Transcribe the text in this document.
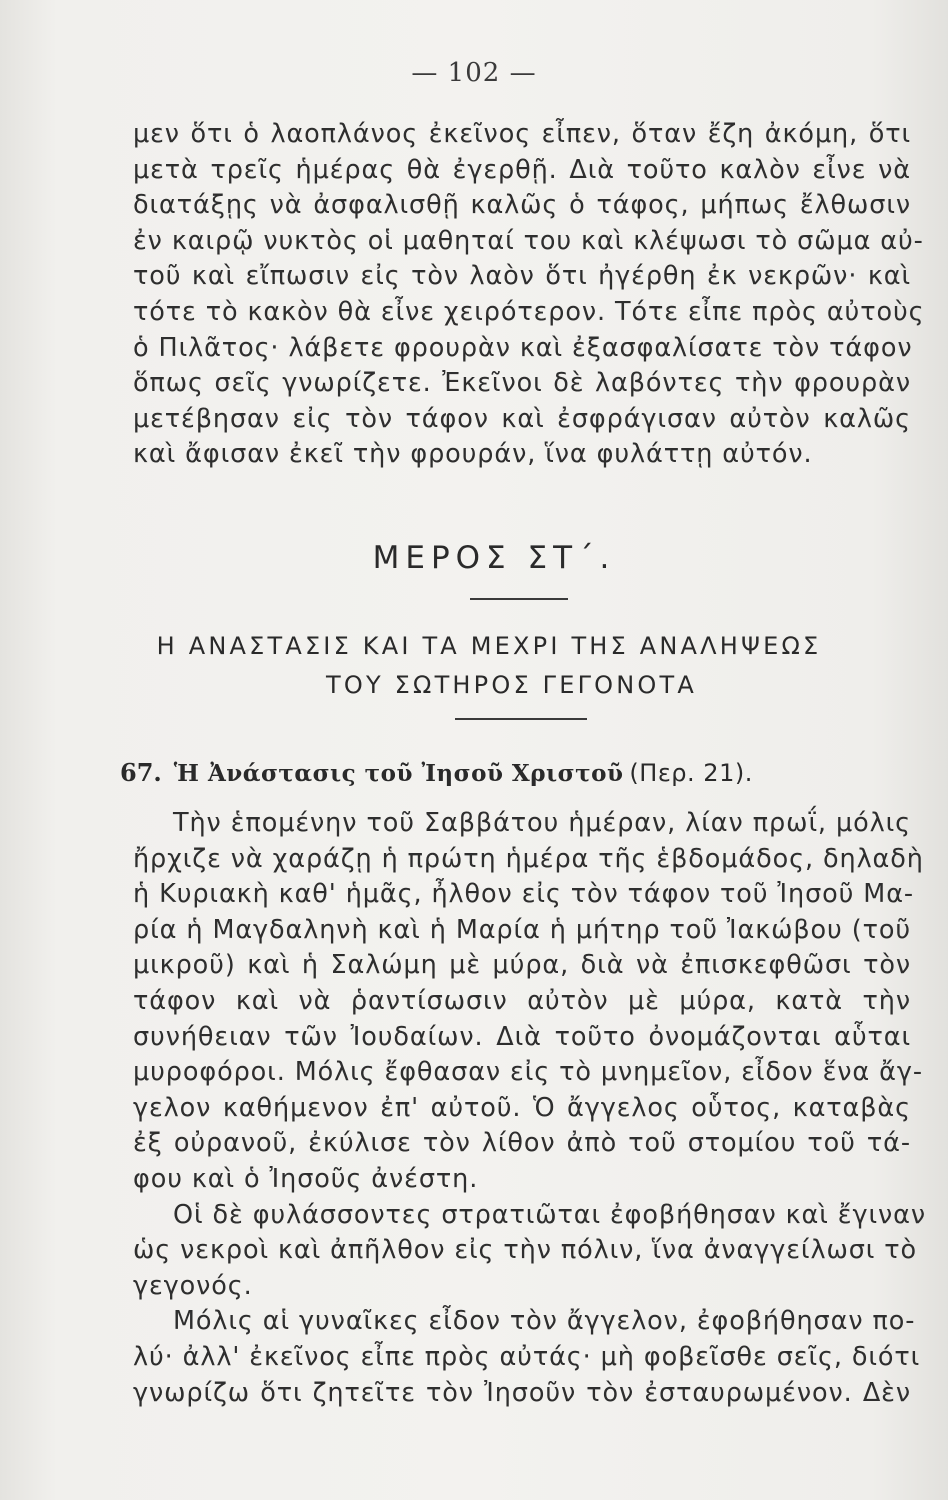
— 102 —
μεν ὅτι ὁ λαοπλάνος ἐκεῖνος εἶπεν, ὅταν ἔζη ἀκόμη, ὅτι
μετὰ τρεῖς ἡμέρας θὰ ἐγερθῇ. Διὰ τοῦτο καλὸν εἶνε νὰ
διατάξῃς νὰ ἀσφαλισθῇ καλῶς ὁ τάφος, μήπως ἔλθωσιν
ἐν καιρῷ νυκτὸς οἱ μαθηταί του καὶ κλέψωσι τὸ σῶμα αὐ-
τοῦ καὶ εἴπωσιν εἰς τὸν λαὸν ὅτι ἠγέρθη ἐκ νεκρῶν· καὶ
τότε τὸ κακὸν θὰ εἶνε χειρότερον. Τότε εἶπε πρὸς αὐτοὺς
ὁ Πιλᾶτος· λάβετε φρουρὰν καὶ ἐξασφαλίσατε τὸν τάφον
ὅπως σεῖς γνωρίζετε. Ἐκεῖνοι δὲ λαβόντες τὴν φρουρὰν
μετέβησαν εἰς τὸν τάφον καὶ ἐσφράγισαν αὐτὸν καλῶς
καὶ ἄφισαν ἐκεῖ τὴν φρουράν, ἵνα φυλάττῃ αὐτόν.
ΜΕΡΟΣ ΣΤ΄.
Η ΑΝΑΣΤΑΣΙΣ ΚΑΙ ΤΑ ΜΕΧΡΙ ΤΗΣ ΑΝΑΛΗΨΕΩΣ
ΤΟΥ ΣΩΤΗΡΟΣ ΓΕΓΟΝΟΤΑ
67. Ἡ Ἀνάστασις τοῦ Ἰησοῦ Χριστοῦ (Περ. 21).
Τὴν ἑπομένην τοῦ Σαββάτου ἡμέραν, λίαν πρωΐ, μόλις
ἤρχιζε νὰ χαράζῃ ἡ πρώτη ἡμέρα τῆς ἑβδομάδος, δηλαδὴ
ἡ Κυριακὴ καθ' ἡμᾶς, ἦλθον εἰς τὸν τάφον τοῦ Ἰησοῦ Μα-
ρία ἡ Μαγδαληνὴ καὶ ἡ Μαρία ἡ μήτηρ τοῦ Ἰακώβου (τοῦ
μικροῦ) καὶ ἡ Σαλώμη μὲ μύρα, διὰ νὰ ἐπισκεφθῶσι τὸν
τάφον καὶ νὰ ῥαντίσωσιν αὐτὸν μὲ μύρα, κατὰ τὴν
συνήθειαν τῶν Ἰουδαίων. Διὰ τοῦτο ὀνομάζονται αὗται
μυροφόροι. Μόλις ἔφθασαν εἰς τὸ μνημεῖον, εἶδον ἕνα ἄγ-
γελον καθήμενον ἐπ' αὐτοῦ. Ὁ ἄγγελος οὗτος, καταβὰς
ἐξ οὐρανοῦ, ἐκύλισε τὸν λίθον ἀπὸ τοῦ στομίου τοῦ τά-
φου καὶ ὁ Ἰησοῦς ἀνέστη.
Οἱ δὲ φυλάσσοντες στρατιῶται ἐφοβήθησαν καὶ ἔγιναν
ὡς νεκροὶ καὶ ἀπῆλθον εἰς τὴν πόλιν, ἵνα ἀναγγείλωσι τὸ
γεγονός.
Μόλις αἱ γυναῖκες εἶδον τὸν ἄγγελον, ἐφοβήθησαν πο-
λύ· ἀλλ' ἐκεῖνος εἶπε πρὸς αὐτάς· μὴ φοβεῖσθε σεῖς, διότι
γνωρίζω ὅτι ζητεῖτε τὸν Ἰησοῦν τὸν ἐσταυρωμένον. Δὲν
